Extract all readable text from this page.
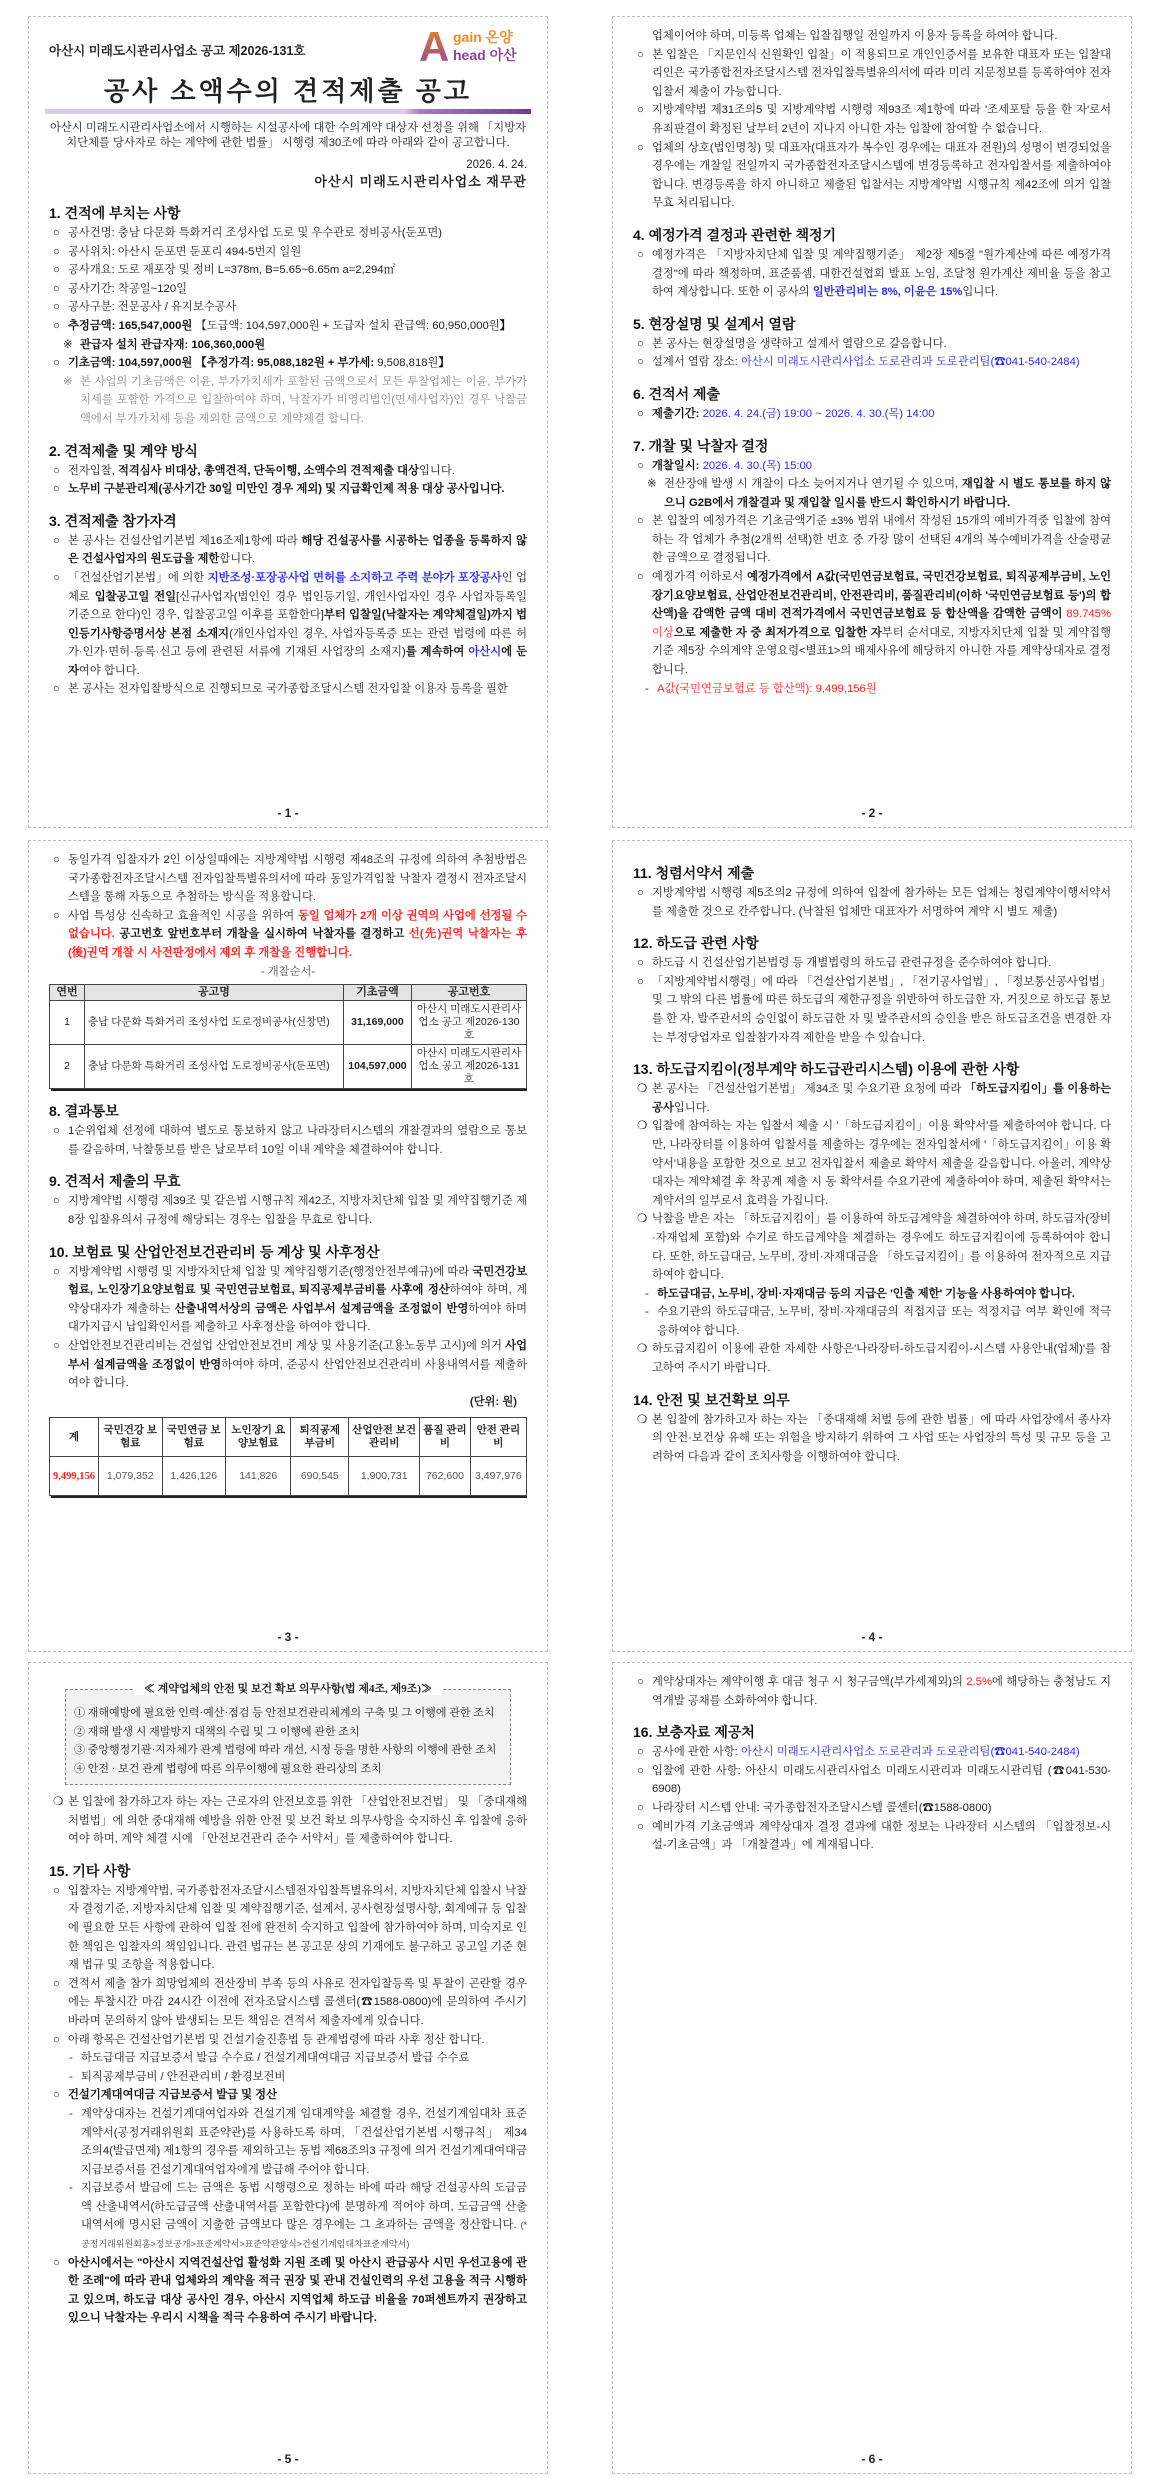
아산시 미래도시관리사업소 공고 제2026-131호	A gain 온양
head 아산
공사 소액수의 견적제출 공고
아산시 미래도시관리사업소에서 시행하는 시설공사에 대한 수의계약 대상자 선정을 위해 「지방자치단체를 당사자로 하는 계약에 관한 법률」 시행령 제30조에 따라 아래와 같이 공고합니다.
2026. 4. 24.
아산시 미래도시관리사업소 재무관
1. 견적에 부치는 사항
○ 공사건명: 충남 다문화 특화거리 조성사업 도로 및 우수관로 정비공사(둔포면)
○ 공사위치: 아산시 둔포면 둔포리 494-5번지 일원
○ 공사개요: 도로 재포장 및 정비 L=378m, B=5.65~6.65m a=2,294㎡
○ 공사기간: 착공일~120일
○ 공사구분: 전문공사 / 유지보수공사
○ 추정금액: 165,547,000원 【도급액: 104,597,000원 + 도급자 설치 관급액: 60,950,000원】
※ 관급자 설치 관급자재: 106,360,000원
○ 기초금액: 104,597,000원 【추정가격: 95,088,182원 + 부가세: 9,508,818원】
※ 본 사업의 기초금액은 이윤, 부가가치세가 포함된 금액으로서 모든 투찰업체는 이윤, 부가가치세를 포함한 가격으로 입찰하여야 하며, 낙찰자가 비영리법인(면세사업자)인 경우 낙찰금액에서 부가가치세 등을 제외한 금액으로 계약체결 합니다.
2. 견적제출 및 계약 방식
○ 전자입찰, 적격심사 비대상, 총액견적, 단독이행, 소액수의 견적제출 대상입니다.
○ 노무비 구분관리제(공사기간 30일 미만인 경우 제외) 및 지급확인제 적용 대상 공사입니다.
3. 견적제출 참가자격
○ 본 공사는 건설산업기본법 제16조제1항에 따라 해당 건설공사를 시공하는 업종을 등록하지 않은 건설사업자의 원도급을 제한합니다.
○ 「건설산업기본법」에 의한 지반조성·포장공사업 면허를 소지하고 주력 분야가 포장공사인 업체로 입찰공고일 전일[신규사업자(법인인 경우 법인등기일, 개인사업자인 경우 사업자등록일 기준으로 한다)인 경우, 입찰공고일 이후를 포함한다]부터 입찰일(낙찰자는 계약체결일)까지 법인등기사항증명서상 본점 소재지(개인사업자인 경우, 사업자등록증 또는 관련 법령에 따른 허가·인가·면허·등록·신고 등에 관련된 서류에 기재된 사업장의 소재지)를 계속하여 아산시에 둔 자여야 합니다.
○ 본 공사는 전자입찰방식으로 진행되므로 국가종합조달시스템 전자입찰 이용자 등록을 필한
- 1 -
업체이어야 하며, 미등록 업체는 입찰집행일 전일까지 이용자 등록을 하여야 합니다.
○ 본 입찰은 「지문인식 신원확인 입찰」이 적용되므로 개인인증서를 보유한 대표자 또는 입찰대리인은 국가종합전자조달시스템 전자입찰특별유의서에 따라 미리 지문정보를 등록하여야 전자입찰서 제출이 가능합니다.
○ 지방계약법 제31조의5 및 지방계약법 시행령 제93조 제1항에 따라 '조세포탈 등을 한 자'로서 유죄판결이 확정된 날부터 2년이 지나지 아니한 자는 입찰에 참여할 수 없습니다.
○ 업체의 상호(법인명칭) 및 대표자(대표자가 복수인 경우에는 대표자 전원)의 성명이 변경되었을 경우에는 개찰일 전일까지 국가종합전자조달시스템에 변경등록하고 전자입찰서를 제출하여야 합니다. 변경등록을 하지 아니하고 제출된 입찰서는 지방계약법 시행규칙 제42조에 의거 입찰 무효 처리됩니다.
4. 예정가격 결정과 관련한 책정기
○ 예정가격은 「지방자치단체 입찰 및 계약집행기준」 제2장 제5절 "원가계산에 따른 예정가격 결정"에 따라 책정하며, 표준품셈, 대한건설협회 발표 노임, 조달청 원가계산 제비율 등을 참고하여 계상합니다. 또한 이 공사의 일반관리비는 8%, 이윤은 15%입니다.
5. 현장설명 및 설계서 열람
○ 본 공사는 현장설명을 생략하고 설계서 열람으로 갈음합니다.
○ 설계서 열람 장소: 아산시 미래도시관리사업소 도로관리과 도로관리팀(☎041-540-2484)
6. 견적서 제출
○ 제출기간: 2026. 4. 24.(금) 19:00 ~ 2026. 4. 30.(목) 14:00
7. 개찰 및 낙찰자 결정
○ 개찰일시: 2026. 4. 30.(목) 15:00
※ 전산장애 발생 시 개찰이 다소 늦어지거나 연기될 수 있으며, 재입찰 시 별도 통보를 하지 않으니 G2B에서 개찰결과 및 재입찰 일시를 반드시 확인하시기 바랍니다.
○ 본 입찰의 예정가격은 기초금액기준 ±3% 범위 내에서 작성된 15개의 예비가격중 입찰에 참여하는 각 업체가 추첨(2개씩 선택)한 번호 중 가장 많이 선택된 4개의 복수예비가격을 산술평균한 금액으로 결정됩니다.
○ 예정가격 이하로서 예정가격에서 A값(국민연금보험료, 국민건강보험료, 퇴직공제부금비, 노인장기요양보험료, 산업안전보건관리비, 안전관리비, 품질관리비(이하 '국민연금보험료 등')의 합산액)을 감액한 금액 대비 견적가격에서 국민연금보험료 등 합산액을 감액한 금액이 89.745% 이상으로 제출한 자 중 최저가격으로 입찰한 자부터 순서대로, 지방자치단체 입찰 및 계약집행기준 제5장 수의계약 운영요령<별표1>의 배제사유에 해당하지 아니한 자를 계약상대자로 결정합니다.
- A값(국민연금보험료 등 합산액): 9,499,156원
- 2 -
○ 동일가격 입찰자가 2인 이상일때에는 지방계약법 시행령 제48조의 규정에 의하여 추첨방법은 국가종합전자조달시스템 전자입찰특별유의서에 따라 동일가격입찰 낙찰자 결정시 전자조달시스템을 통해 자동으로 추첨하는 방식을 적용합니다.
○ 사업 특성상 신속하고 효율적인 시공을 위하여 동일 업체가 2개 이상 권역의 사업에 선정될 수 없습니다. 공고번호 앞번호부터 개찰을 실시하여 낙찰자를 결정하고 선(先)권역 낙찰자는 후(後)권역 개찰 시 사전판정에서 제외 후 개찰을 진행합니다.
- 개찰순서-
연번	공고명	기초금액	공고번호
1	충남 다문화 특화거리 조성사업 도로정비공사(신창면)	31,169,000	아산시 미래도시관리사업소 공고 제2026-130호
2	충남 다문화 특화거리 조성사업 도로정비공사(둔포면)	104,597,000	아산시 미래도시관리사업소 공고 제2026-131호
8. 결과통보
○ 1순위업체 선정에 대하여 별도로 통보하지 않고 나라장터시스템의 개찰결과의 열람으로 통보를 갈음하며, 낙찰통보를 받은 날로부터 10일 이내 계약을 체결하여야 합니다.
9. 견적서 제출의 무효
○ 지방계약법 시행령 제39조 및 같은법 시행규칙 제42조, 지방자치단체 입찰 및 계약집행기준 제8장 입찰유의서 규정에 해당되는 경우는 입찰을 무효로 합니다.
10. 보험료 및 산업안전보건관리비 등 계상 및 사후정산
○ 지방계약법 시행령 및 지방자치단체 입찰 및 계약집행기준(행정안전부예규)에 따라 국민건강보험료, 노인장기요양보험료 및 국민연금보험료, 퇴직공제부금비를 사후에 정산하여야 하며, 계약상대자가 제출하는 산출내역서상의 금액은 사업부서 설계금액을 조정없이 반영하여야 하며 대가지급시 납입확인서를 제출하고 사후정산을 하여야 합니다.
○ 산업안전보건관리비는 건설업 산업안전보건비 계상 및 사용기준(고용노동부 고시)에 의거 사업부서 설계금액을 조정없이 반영하여야 하며, 준공시 산업안전보건관리비 사용내역서를 제출하여야 합니다.
(단위: 원)
계	국민건강 보험료	국민연금 보험료	노인장기 요양보험료	퇴직공제 부금비	산업안전 보건관리비	품질 관리비	안전 관리비
9,499,156	1,079,352	1,426,126	141,826	690,545	1,900,731	762,600	3,497,976
- 3 -
11. 청렴서약서 제출
○ 지방계약법 시행령 제5조의2 규정에 의하여 입찰에 참가하는 모든 업체는 청렴계약이행서약서를 제출한 것으로 간주합니다. (낙찰된 업체만 대표자가 서명하여 계약 시 별도 제출)
12. 하도급 관련 사항
○ 하도급 시 건설산업기본법령 등 개별법령의 하도급 관련규정을 준수하여야 합니다.
○ 「지방계약법시행령」에 따라 「건설산업기본법」, 「전기공사업법」, 「정보통신공사업법」 및 그 밖의 다른 법률에 따른 하도급의 제한규정을 위반하여 하도급한 자, 거짓으로 하도급 통보를 한 자, 발주관서의 승인없이 하도급한 자 및 발주관서의 승인을 받은 하도급조건을 변경한 자는 부정당업자로 입찰참가자격 제한을 받을 수 있습니다.
13. 하도급지킴이(정부계약 하도급관리시스템) 이용에 관한 사항
❍ 본 공사는 「건설산업기본법」 제34조 및 수요기관 요청에 따라 「하도급지킴이」를 이용하는 공사입니다.
❍ 입찰에 참여하는 자는 입찰서 제출 시 '「하도급지킴이」이용 확약서'를 제출하여야 합니다. 다만, 나라장터를 이용하여 입찰서를 제출하는 경우에는 전자입찰서에 '「하도급지킴이」이용 확약서'내용을 포함한 것으로 보고 전자입찰서 제출로 확약서 제출을 갈음합니다. 아울러, 계약상대자는 계약체결 후 착공계 제출 시 동 확약서를 수요기관에 제출하여야 하며, 제출된 확약서는 계약서의 일부로서 효력을 가집니다.
❍ 낙찰을 받은 자는 「하도급지킴이」를 이용하여 하도급계약을 체결하여야 하며, 하도급자(장비·자재업체 포함)와 수기로 하도급계약을 체결하는 경우에도 하도급지킴이에 등록하여야 합니다. 또한, 하도급대금, 노무비, 장비·자재대금을 「하도급지킴이」를 이용하여 전자적으로 지급하여야 합니다.
- 하도급대금, 노무비, 장비·자재대금 등의 지급은 '인출 제한' 기능을 사용하여야 합니다.
- 수요기관의 하도급대금, 노무비, 장비·자재대금의 직접지급 또는 적정지급 여부 확인에 적극 응하여야 합니다.
❍ 하도급지킴이 이용에 관한 자세한 사항은'나라장터-하도급지킴이-시스템 사용안내(업체)'를 참고하여 주시기 바랍니다.
14. 안전 및 보건확보 의무
❍ 본 입찰에 참가하고자 하는 자는 「중대재해 처벌 등에 관한 법률」에 따라 사업장에서 종사자의 안전·보건상 유해 또는 위험을 방지하기 위하여 그 사업 또는 사업장의 특성 및 규모 등을 고려하여 다음과 같이 조치사항을 이행하여야 합니다.
- 4 -
≪ 계약업체의 안전 및 보건 확보 의무사항(법 제4조, 제9조)≫
① 재해예방에 필요한 인력·예산·점검 등 안전보건관리체계의 구축 및 그 이행에 관한 조치
② 재해 발생 시 재발방지 대책의 수립 및 그 이행에 관한 조치
③ 중앙행정기관·지자체가 관계 법령에 따라 개선, 시정 등을 명한 사항의 이행에 관한 조치
④ 안전 · 보건 관계 법령에 따른 의무이행에 필요한 관리상의 조치
❍ 본 입찰에 참가하고자 하는 자는 근로자의 안전보호를 위한 「산업안전보건법」 및 「중대재해처벌법」에 의한 중대재해 예방을 위한 안전 및 보건 확보 의무사항을 숙지하신 후 입찰에 응하여야 하며, 계약 체결 시에 「안전보건관리 준수 서약서」를 제출하여야 합니다.
15. 기타 사항
○ 입찰자는 지방계약법, 국가종합전자조달시스템전자입찰특별유의서, 지방자치단체 입찰시 낙찰자 결정기준, 지방자치단체 입찰 및 계약집행기준, 설계서, 공사현장설명사항, 회계예규 등 입찰에 필요한 모든 사항에 관하여 입찰 전에 완전히 숙지하고 입찰에 참가하여야 하며, 미숙지로 인한 책임은 입찰자의 책임입니다. 관련 법규는 본 공고문 상의 기재에도 불구하고 공고일 기준 현재 법규 및 조항을 적용합니다.
○ 견적서 제출 참가 희망업체의 전산장비 부족 등의 사유로 전자입찰등록 및 투찰이 곤란할 경우에는 투찰시간 마감 24시간 이전에 전자조달시스템 콜센터(☎1588-0800)에 문의하여 주시기 바라며 문의하지 않아 발생되는 모든 책임은 견적서 제출자에게 있습니다.
○ 아래 항목은 건설산업기본법 및 건설기술진흥법 등 관계법령에 따라 사후 정산 합니다.
- 하도급대금 지급보증서 발급 수수료 / 건설기계대여대금 지급보증서 발급 수수료
- 퇴직공제부금비 / 안전관리비 / 환경보전비
○ 건설기계대여대금 지급보증서 발급 및 정산
- 계약상대자는 건설기계대여업자와 건설기계 임대계약을 체결할 경우, 건설기계임대차 표준계약서(공정거래위원회 표준약관)를 사용하도록 하며, 「건설산업기본법 시행규칙」 제34조의4(발급면제) 제1항의 경우를 제외하고는 동법 제68조의3 규정에 의거 건설기계대여대금 지급보증서를 건설기계대여업자에게 발급해 주어야 합니다.
- 지급보증서 발급에 드는 금액은 동법 시행령으로 정하는 바에 따라 해당 건설공사의 도급금액 산출내역서(하도급금액 산출내역서를 포함한다)에 분명하게 적어야 하며, 도급금액 산출내역서에 명시된 금액이 지출한 금액보다 많은 경우에는 그 초과하는 금액을 정산합니다. (* 공정거래위원회홈>정보공개>표준계약서>표준약관양식>건설기계임대차표준계약서)
○ 아산시에서는 "아산시 지역건설산업 활성화 지원 조례 및 아산시 관급공사 시민 우선고용에 관한 조례"에 따라 관내 업체와의 계약을 적극 권장 및 관내 건설인력의 우선 고용을 적극 시행하고 있으며, 하도급 대상 공사인 경우, 아산시 지역업체 하도급 비율을 70퍼센트까지 권장하고 있으니 낙찰자는 우리시 시책을 적극 수용하여 주시기 바랍니다.
- 5 -
○ 계약상대자는 계약이행 후 대금 청구 시 청구금액(부가세제외)의 2.5%에 해당하는 충청남도 지역개발 공채를 소화하여야 합니다.
16. 보충자료 제공처
○ 공사에 관한 사항: 아산시 미래도시관리사업소 도로관리과 도로관리팀(☎041-540-2484)
○ 입찰에 관한 사항: 아산시 미래도시관리사업소 미래도시관리과 미래도시관리팀 (☎041-530-6908)
○ 나라장터 시스템 안내: 국가종합전자조달시스템 콜센터(☎1588-0800)
○ 예비가격 기초금액과 계약상대자 결정 결과에 대한 정보는 나라장터 시스템의 「입찰정보-시설-기초금액」과 「개찰결과」에 게재됩니다.
- 6 -
